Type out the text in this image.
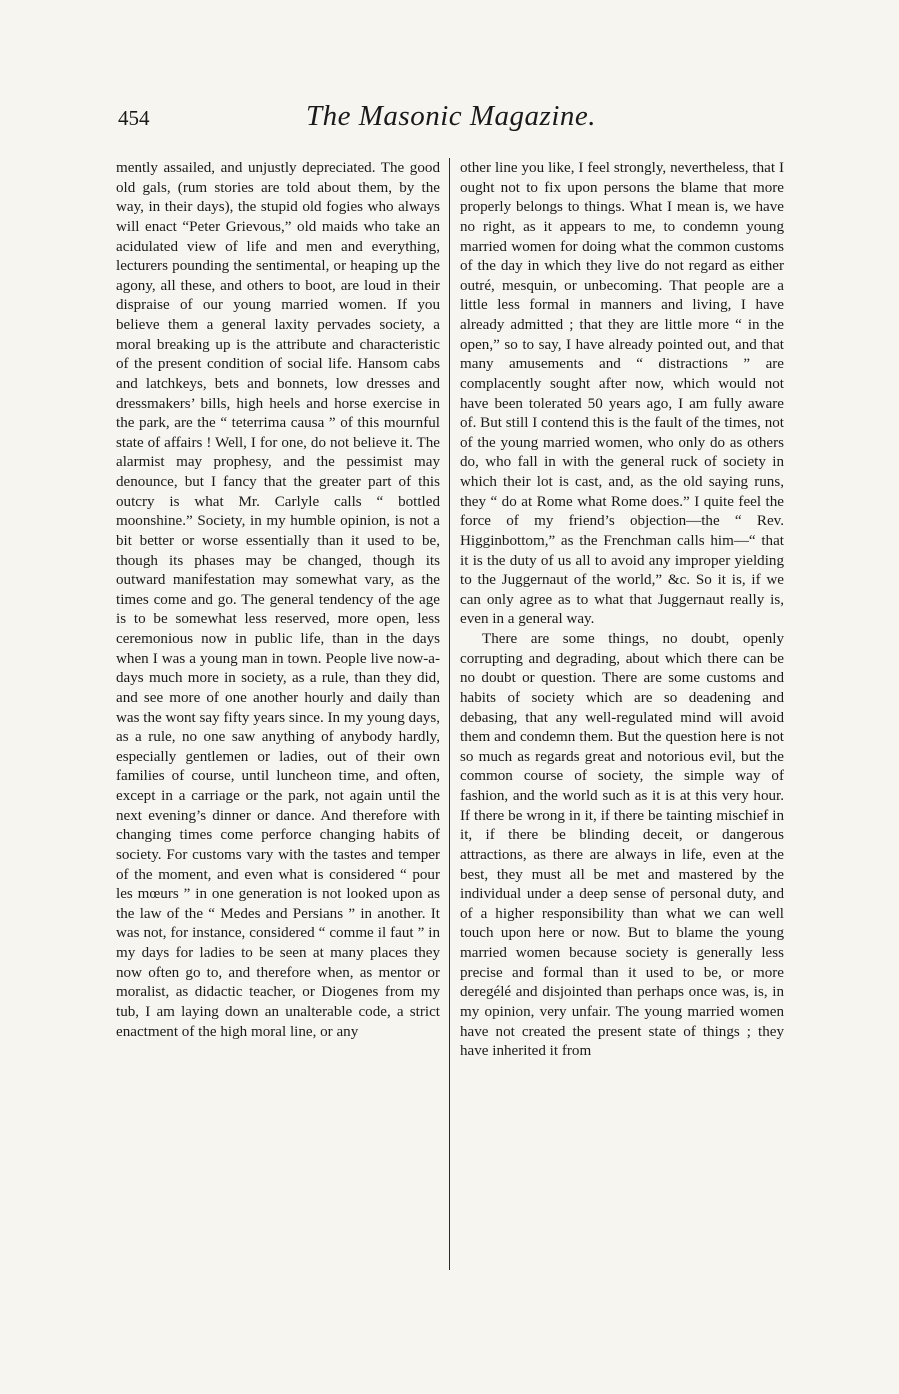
454	The Masonic Magazine.

mently assailed, and unjustly depreciated. The good old gals, (rum stories are told about them, by the way, in their days), the stupid old fogies who always will enact “Peter Grievous,” old maids who take an acidulated view of life and men and everything, lecturers pounding the sentimental, or heaping up the agony, all these, and others to boot, are loud in their dispraise of our young married women. If you believe them a general laxity pervades society, a moral breaking up is the attribute and characteristic of the present condition of social life. Hansom cabs and latchkeys, bets and bonnets, low dresses and dressmakers’ bills, high heels and horse exercise in the park, are the “ teterrima causa ” of this mournful state of affairs ! Well, I for one, do not believe it. The alarmist may prophesy, and the pessimist may denounce, but I fancy that the greater part of this outcry is what Mr. Carlyle calls “ bottled moonshine.” Society, in my humble opinion, is not a bit better or worse essentially than it used to be, though its phases may be changed, though its outward manifestation may somewhat vary, as the times come and go. The general tendency of the age is to be somewhat less reserved, more open, less ceremonious now in public life, than in the days when I was a young man in town. People live now-a-days much more in society, as a rule, than they did, and see more of one another hourly and daily than was the wont say fifty years since. In my young days, as a rule, no one saw anything of anybody hardly, especially gentlemen or ladies, out of their own families of course, until luncheon time, and often, except in a carriage or the park, not again until the next evening’s dinner or dance. And therefore with changing times come perforce changing habits of society. For customs vary with the tastes and temper of the moment, and even what is considered “ pour les mœurs ” in one generation is not looked upon as the law of the “ Medes and Persians ” in another. It was not, for instance, considered “ comme il faut ” in my days for ladies to be seen at many places they now often go to, and therefore when, as mentor or moralist, as didactic teacher, or Diogenes from my tub, I am laying down an unalterable code, a strict enactment of the high moral line, or any

other line you like, I feel strongly, nevertheless, that I ought not to fix upon persons the blame that more properly belongs to things. What I mean is, we have no right, as it appears to me, to condemn young married women for doing what the common customs of the day in which they live do not regard as either outré, mesquin, or unbecoming. That people are a little less formal in manners and living, I have already admitted ; that they are little more “ in the open,” so to say, I have already pointed out, and that many amusements and “ distractions ” are complacently sought after now, which would not have been tolerated 50 years ago, I am fully aware of. But still I contend this is the fault of the times, not of the young married women, who only do as others do, who fall in with the general ruck of society in which their lot is cast, and, as the old saying runs, they “ do at Rome what Rome does.” I quite feel the force of my friend’s objection—the “ Rev. Higginbottom,” as the Frenchman calls him—“ that it is the duty of us all to avoid any improper yielding to the Juggernaut of the world,” &c. So it is, if we can only agree as to what that Juggernaut really is, even in a general way.

There are some things, no doubt, openly corrupting and degrading, about which there can be no doubt or question. There are some customs and habits of society which are so deadening and debasing, that any well-regulated mind will avoid them and condemn them. But the question here is not so much as regards great and notorious evil, but the common course of society, the simple way of fashion, and the world such as it is at this very hour. If there be wrong in it, if there be tainting mischief in it, if there be blinding deceit, or dangerous attractions, as there are always in life, even at the best, they must all be met and mastered by the individual under a deep sense of personal duty, and of a higher responsibility than what we can well touch upon here or now. But to blame the young married women because society is generally less precise and formal than it used to be, or more deregélé and disjointed than perhaps once was, is, in my opinion, very unfair. The young married women have not created the present state of things ; they have inherited it from
